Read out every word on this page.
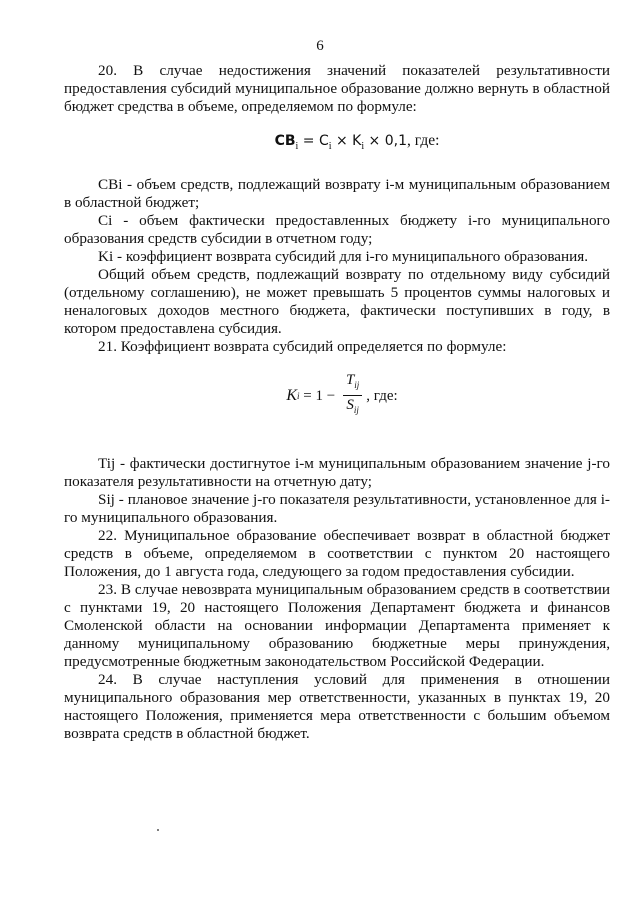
6

20. В случае недостижения значений показателей результативности предоставления субсидий муниципальное образование должно вернуть в областной бюджет средства в объеме, определяемом по формуле:

$СВ_i = C_i \times K_i \times 0,1$, где:

CBi - объем средств, подлежащий возврату i-м муниципальным образованием в областной бюджет;

Ci - объем фактически предоставленных бюджету i-го муниципального образования средств субсидии в отчетном году;

Ki - коэффициент возврата субсидий для i-го муниципального образования.

Общий объем средств, подлежащий возврату по отдельному виду субсидий (отдельному соглашению), не может превышать 5 процентов суммы налоговых и неналоговых доходов местного бюджета, фактически поступивших в году, в котором предоставлена субсидия.

21. Коэффициент возврата субсидий определяется по формуле:

K $i = 1 - \frac{T_{ij}}{S_{ij}}$ , где:

Tij - фактически достигнутое i-м муниципальным образованием значение j-го показателя результативности на отчетную дату;

Sij - плановое значение j-го показателя результативности, установленное для i-го муниципального образования.

22. Муниципальное образование обеспечивает возврат в областной бюджет средств в объеме, определяемом в соответствии с пунктом 20 настоящего Положения, до 1 августа года, следующего за годом предоставления субсидии.

23. В случае невозврата муниципальным образованием средств в соответствии с пунктами 19, 20 настоящего Положения Департамент бюджета и финансов Смоленской области на основании информации Департамента применяет к данному муниципальному образованию бюджетные меры принуждения, предусмотренные бюджетным законодательством Российской Федерации.

24. В случае наступления условий для применения в отношении муниципального образования мер ответственности, указанных в пунктах 19, 20 настоящего Положения, применяется мера ответственности с большим объемом возврата средств в областной бюджет.
